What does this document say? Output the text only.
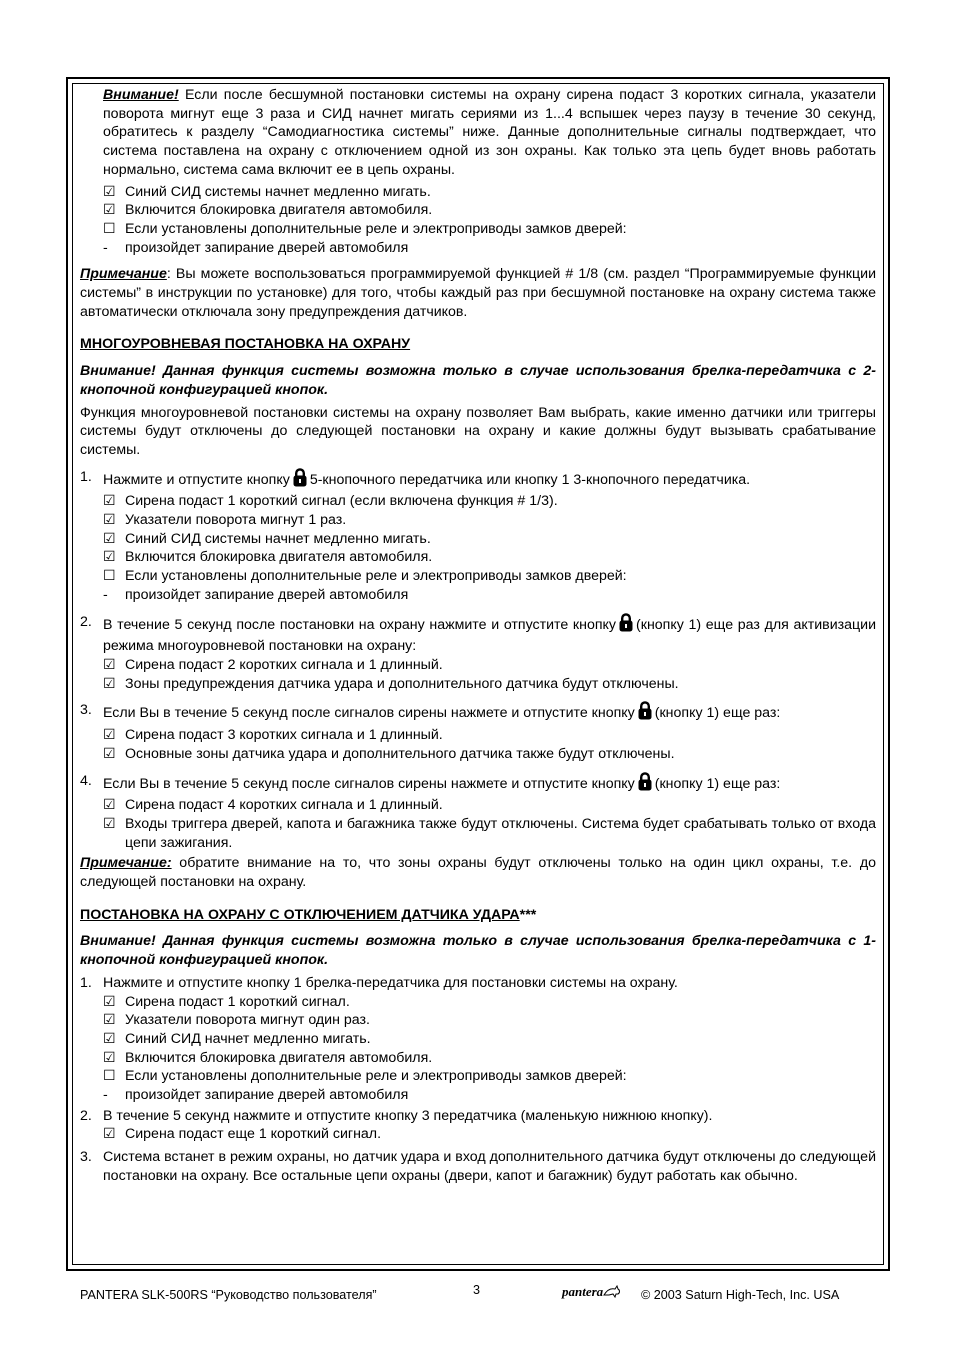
Внимание! Если после бесшумной постановки системы на охрану сирена подаст 3 коротких сигнала, указатели поворота мигнут еще 3 раза и СИД начнет мигать сериями из 1...4 вспышек через паузу в течение 30 секунд, обратитесь к разделу “Самодиагностика системы” ниже. Данные дополнительные сигналы подтверждает, что система поставлена на охрану с отключением одной из зон охраны. Как только эта цепь будет вновь работать нормально, система сама включит ее в цепь охраны.

☑ Синий СИД системы начнет медленно мигать.
☑ Включится блокировка двигателя автомобиля.
☐ Если установлены дополнительные реле и электроприводы замков дверей:
-	произойдет запирание дверей автомобиля

Примечание: Вы можете воспользоваться программируемой функцией # 1/8 (см. раздел “Программируемые функции системы” в инструкции по установке) для того, чтобы каждый раз при бесшумной постановке на охрану система также автоматически отключала зону предупреждения датчиков.

МНОГОУРОВНЕВАЯ ПОСТАНОВКА НА ОХРАНУ

Внимание! Данная функция системы возможна только в случае использования брелка-передатчика с 2-кнопочной конфигурацией кнопок.

Функция многоуровневой постановки системы на охрану позволяет Вам выбрать, какие именно датчики или триггеры системы будут отключены до следующей постановки на охрану и какие должны будут вызывать срабатывание системы.

1. Нажмите и отпустите кнопку 5-кнопочного передатчика или кнопку 1 3-кнопочного передатчика.
☑ Сирена подаст 1 короткий сигнал (если включена функция # 1/3).
☑ Указатели поворота мигнут 1 раз.
☑ Синий СИД системы начнет медленно мигать.
☑ Включится блокировка двигателя автомобиля.
☐ Если установлены дополнительные реле и электроприводы замков дверей:
-	произойдет запирание дверей автомобиля
2. В течение 5 секунд после постановки на охрану нажмите и отпустите кнопку (кнопку 1) еще раз для активизации режима многоуровневой постановки на охрану:
☑ Сирена подаст 2 коротких сигнала и 1 длинный.
☑ Зоны предупреждения датчика удара и дополнительного датчика будут отключены.
3. Если Вы в течение 5 секунд после сигналов сирены нажмете и отпустите кнопку (кнопку 1) еще раз:
☑ Сирена подаст 3 коротких сигнала и 1 длинный.
☑ Основные зоны датчика удара и дополнительного датчика также будут отключены.
4. Если Вы в течение 5 секунд после сигналов сирены нажмете и отпустите кнопку (кнопку 1) еще раз:
☑ Сирена подаст 4 коротких сигнала и 1 длинный.
☑ Входы триггера дверей, капота и багажника также будут отключены. Система будет срабатывать только от входа цепи зажигания.

Примечание: обратите внимание на то, что зоны охраны будут отключены только на один цикл охраны, т.е. до следующей постановки на охрану.

ПОСТАНОВКА НА ОХРАНУ С ОТКЛЮЧЕНИЕМ ДАТЧИКА УДАРА***

Внимание! Данная функция системы возможна только в случае использования брелка-передатчика с 1-кнопочной конфигурацией кнопок.

1. Нажмите и отпустите кнопку 1 брелка-передатчика для постановки системы на охрану.
☑ Сирена подаст 1 короткий сигнал.
☑ Указатели поворота мигнут один раз.
☑ Синий СИД начнет медленно мигать.
☑ Включится блокировка двигателя автомобиля.
☐ Если установлены дополнительные реле и электроприводы замков дверей:
-	произойдет запирание дверей автомобиля
2. В течение 5 секунд нажмите и отпустите кнопку 3 передатчика (маленькую нижнюю кнопку).
☑ Сирена подаст еще 1 короткий сигнал.
3. Система встанет в режим охраны, но датчик удара и вход дополнительного датчика будут отключены до следующей постановки на охрану. Все остальные цепи охраны (двери, капот и багажник) будут работать как обычно.
PANTERA SLK-500RS “Руководство пользователя”	3	pantera	© 2003 Saturn High-Tech, Inc. USA
